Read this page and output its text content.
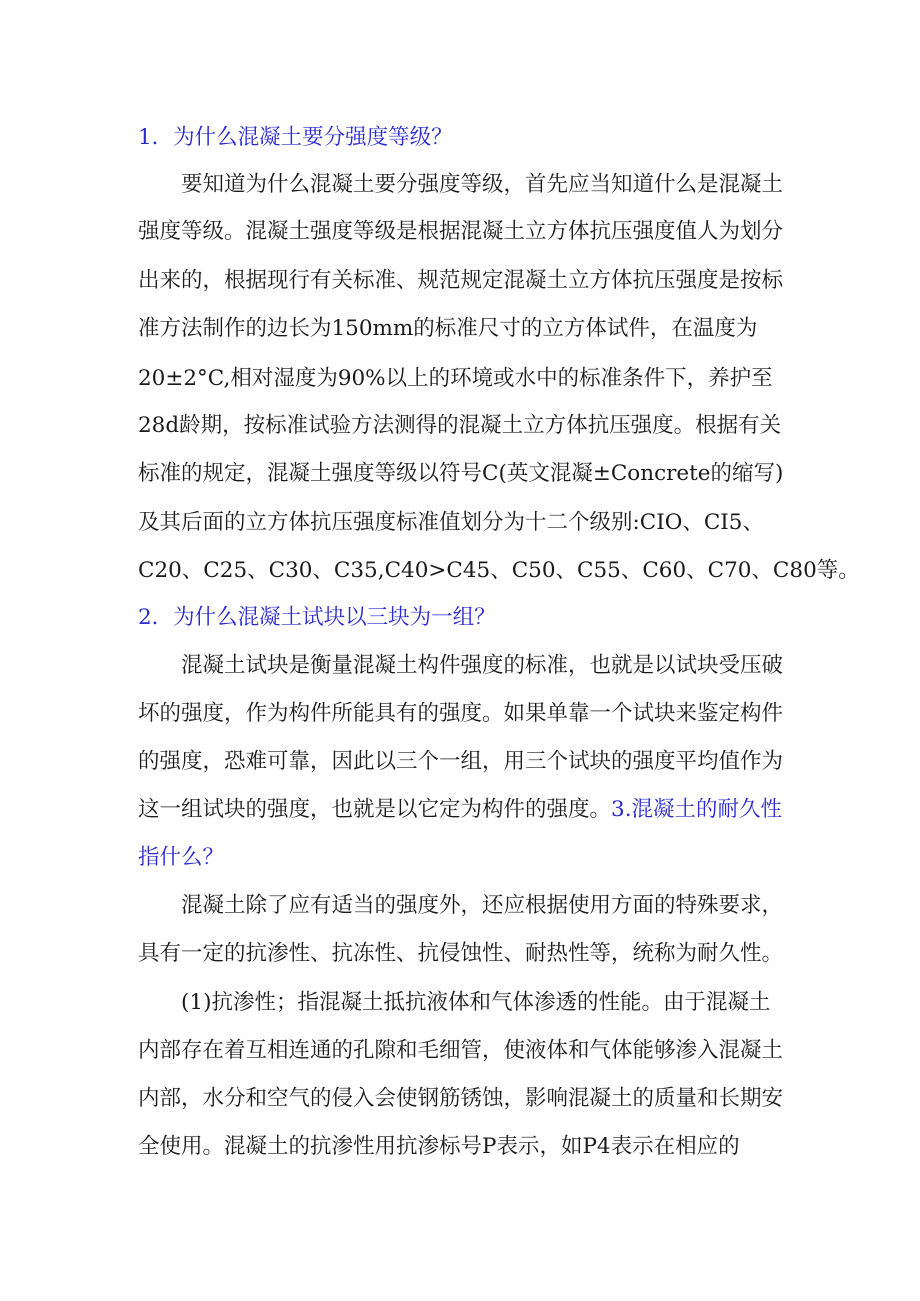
1．为什么混凝土要分强度等级？

要知道为什么混凝土要分强度等级，首先应当知道什么是混凝土

强度等级。混凝土强度等级是根据混凝土立方体抗压强度值人为划分

出来的，根据现行有关标准、规范规定混凝土立方体抗压强度是按标

准方法制作的边长为150mm的标准尺寸的立方体试件，在温度为

20±2°C,相对湿度为90%以上的环境或水中的标准条件下，养护至

28d龄期，按标准试验方法测得的混凝土立方体抗压强度。根据有关

标准的规定，混凝土强度等级以符号C(英文混凝±Concrete的缩写)

及其后面的立方体抗压强度标准值划分为十二个级别:CIO、CI5、

C20、C25、C30、C35,C40>C45、C50、C55、C60、C70、C80等。

2．为什么混凝土试块以三块为一组？

混凝土试块是衡量混凝土构件强度的标准，也就是以试块受压破

坏的强度，作为构件所能具有的强度。如果单靠一个试块来鉴定构件

的强度，恐难可靠，因此以三个一组，用三个试块的强度平均值作为

这一组试块的强度，也就是以它定为构件的强度。3.混凝土的耐久性

指什么？

混凝土除了应有适当的强度外，还应根据使用方面的特殊要求，

具有一定的抗渗性、抗冻性、抗侵蚀性、耐热性等，统称为耐久性。

(1)抗渗性；指混凝土抵抗液体和气体渗透的性能。由于混凝土

内部存在着互相连通的孔隙和毛细管，使液体和气体能够渗入混凝土

内部，水分和空气的侵入会使钢筋锈蚀，影响混凝土的质量和长期安

全使用。混凝土的抗渗性用抗渗标号P表示，如P4表示在相应的
